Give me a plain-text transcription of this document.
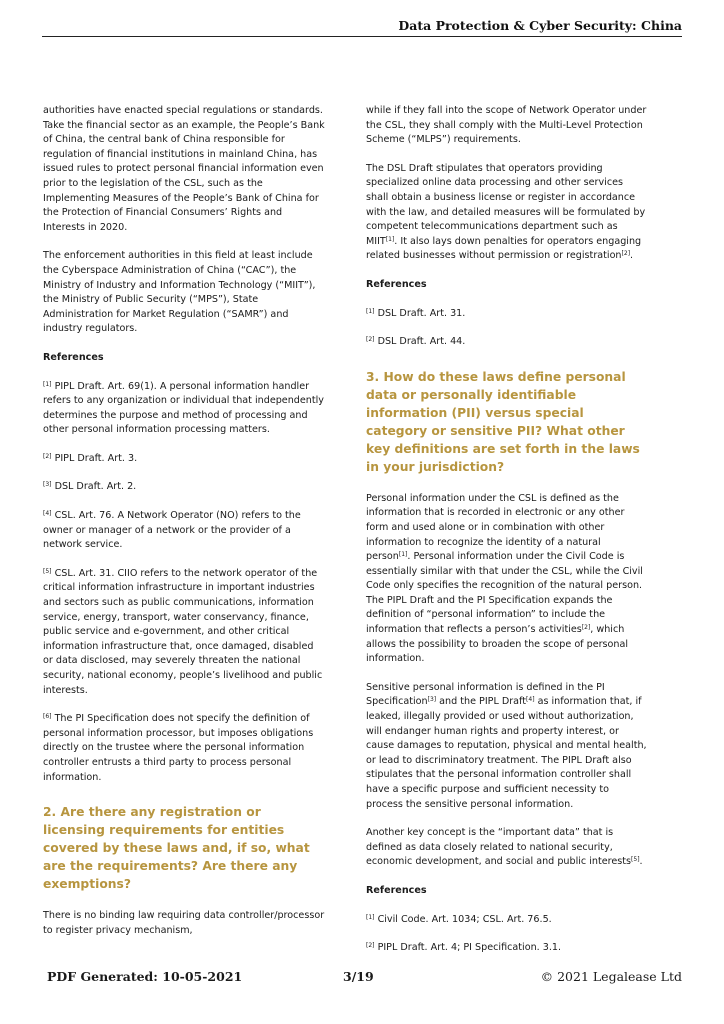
Data Protection & Cyber Security: China

authorities have enacted special regulations or standards. Take the financial sector as an example, the People’s Bank of China, the central bank of China responsible for regulation of financial institutions in mainland China, has issued rules to protect personal financial information even prior to the legislation of the CSL, such as the Implementing Measures of the People’s Bank of China for the Protection of Financial Consumers’ Rights and Interests in 2020.

The enforcement authorities in this field at least include the Cyberspace Administration of China (“CAC”), the Ministry of Industry and Information Technology (“MIIT”), the Ministry of Public Security (“MPS”), State Administration for Market Regulation (“SAMR”) and industry regulators.

References
[1] PIPL Draft. Art. 69(1). A personal information handler refers to any organization or individual that independently determines the purpose and method of processing and other personal information processing matters.
[2] PIPL Draft. Art. 3.
[3] DSL Draft. Art. 2.
[4] CSL. Art. 76. A Network Operator (NO) refers to the owner or manager of a network or the provider of a network service.
[5] CSL. Art. 31. CIIO refers to the network operator of the critical information infrastructure in important industries and sectors such as public communications, information service, energy, transport, water conservancy, finance, public service and e-government, and other critical information infrastructure that, once damaged, disabled or data disclosed, may severely threaten the national security, national economy, people’s livelihood and public interests.
[6] The PI Specification does not specify the definition of personal information processor, but imposes obligations directly on the trustee where the personal information controller entrusts a third party to process personal information.
2. Are there any registration or licensing requirements for entities covered by these laws and, if so, what are the requirements? Are there any exemptions?

There is no binding law requiring data controller/processor to register privacy mechanism,

while if they fall into the scope of Network Operator under the CSL, they shall comply with the Multi-Level Protection Scheme (“MLPS”) requirements.

The DSL Draft stipulates that operators providing specialized online data processing and other services shall obtain a business license or register in accordance with the law, and detailed measures will be formulated by competent telecommunications department such as MIIT[1]. It also lays down penalties for operators engaging related businesses without permission or registration[2].

References
[1] DSL Draft. Art. 31.
[2] DSL Draft. Art. 44.
3. How do these laws define personal data or personally identifiable information (PII) versus special category or sensitive PII? What other key definitions are set forth in the laws in your jurisdiction?

Personal information under the CSL is defined as the information that is recorded in electronic or any other form and used alone or in combination with other information to recognize the identity of a natural person[1]. Personal information under the Civil Code is essentially similar with that under the CSL, while the Civil Code only specifies the recognition of the natural person. The PIPL Draft and the PI Specification expands the definition of “personal information” to include the information that reflects a person’s activities[2], which allows the possibility to broaden the scope of personal information.

Sensitive personal information is defined in the PI Specification[3] and the PIPL Draft[4] as information that, if leaked, illegally provided or used without authorization, will endanger human rights and property interest, or cause damages to reputation, physical and mental health, or lead to discriminatory treatment. The PIPL Draft also stipulates that the personal information controller shall have a specific purpose and sufficient necessity to process the sensitive personal information.

Another key concept is the “important data” that is defined as data closely related to national security, economic development, and social and public interests[5].

References
[1] Civil Code. Art. 1034; CSL. Art. 76.5.
[2] PIPL Draft. Art. 4; PI Specification. 3.1.
PDF Generated: 10-05-2021	3/19	© 2021 Legalease Ltd
